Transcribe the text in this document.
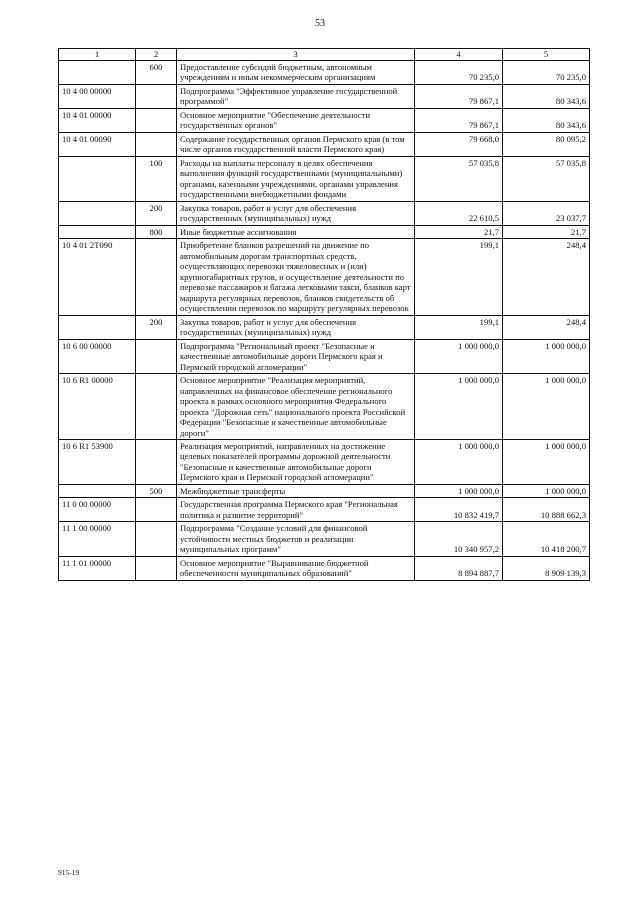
53
1	2	3	4	5
	600	Предоставление субсидий бюджетным, автономным учреждениям и иным некоммерческим организациям	70 235,0	70 235,0
10 4 00 00000		Подпрограмма "Эффективное управление государственной программой"	79 867,1	80 343,6
10 4 01 00000		Основное мероприятие "Обеспечение деятельности государственных органов"	79 867,1	80 343,6
10 4 01 00090		Содержание государственных органов Пермского края (в том числе органов государственной власти Пермского края)	79 668,0	80 095,2
	100	Расходы на выплаты персоналу в целях обеспечения выполнения функций государственными (муниципальными) органами, казенными учреждениями, органами управления государственными внебюджетными фондами	57 035,8	57 035,8
	200	Закупка товаров, работ и услуг для обеспечения государственных (муниципальных) нужд	22 610,5	23 037,7
	800	Иные бюджетные ассигнования	21,7	21,7
10 4 01 2Т090		Приобретение бланков разрешений на движение по автомобильным дорогам транспортных средств, осуществляющих перевозки тяжеловесных и (или) крупногабаритных грузов, и осуществление деятельности по перевозке пассажиров и багажа легковыми такси, бланков карт маршрута регулярных перевозок, бланков свидетельств об осуществлении перевозок по маршруту регулярных перевозок	199,1	248,4
	200	Закупка товаров, работ и услуг для обеспечения государственных (муниципальных) нужд	199,1	248,4
10 6 00 00000		Подпрограмма "Региональный проект "Безопасные и качественные автомобильные дороги Пермского края и Пермской городской агломерации"	1 000 000,0	1 000 000,0
10 6 R1 00000		Основное мероприятие "Реализация мероприятий, направленных на финансовое обеспечение регионального проекта в рамках основного мероприятия Федерального проекта "Дорожная сеть" национального проекта Российской Федерации "Безопасные и качественные автомобильные дороги"	1 000 000,0	1 000 000,0
10 6 R1 53900		Реализация мероприятий, направленных на достижение целевых показателей программы дорожной деятельности "Безопасные и качественные автомобильные дороги Пермского края и Пермской городской агломерации"	1 000 000,0	1 000 000,0
	500	Межбюджетные трансферты	1 000 000,0	1 000 000,0
11 0 00 00000		Государственная программа Пермского края "Региональная политика и развитие территорий"	10 832 419,7	10 888 662,3
11 1 00 00000		Подпрограмма "Создание условий для финансовой устойчивости местных бюджетов и реализации муниципальных программ"	10 340 957,2	10 418 200,7
11 1 01 00000		Основное мероприятие "Выравнивание бюджетной обеспеченности муниципальных образований"	8 894 887,7	8 909 139,3
915-19
